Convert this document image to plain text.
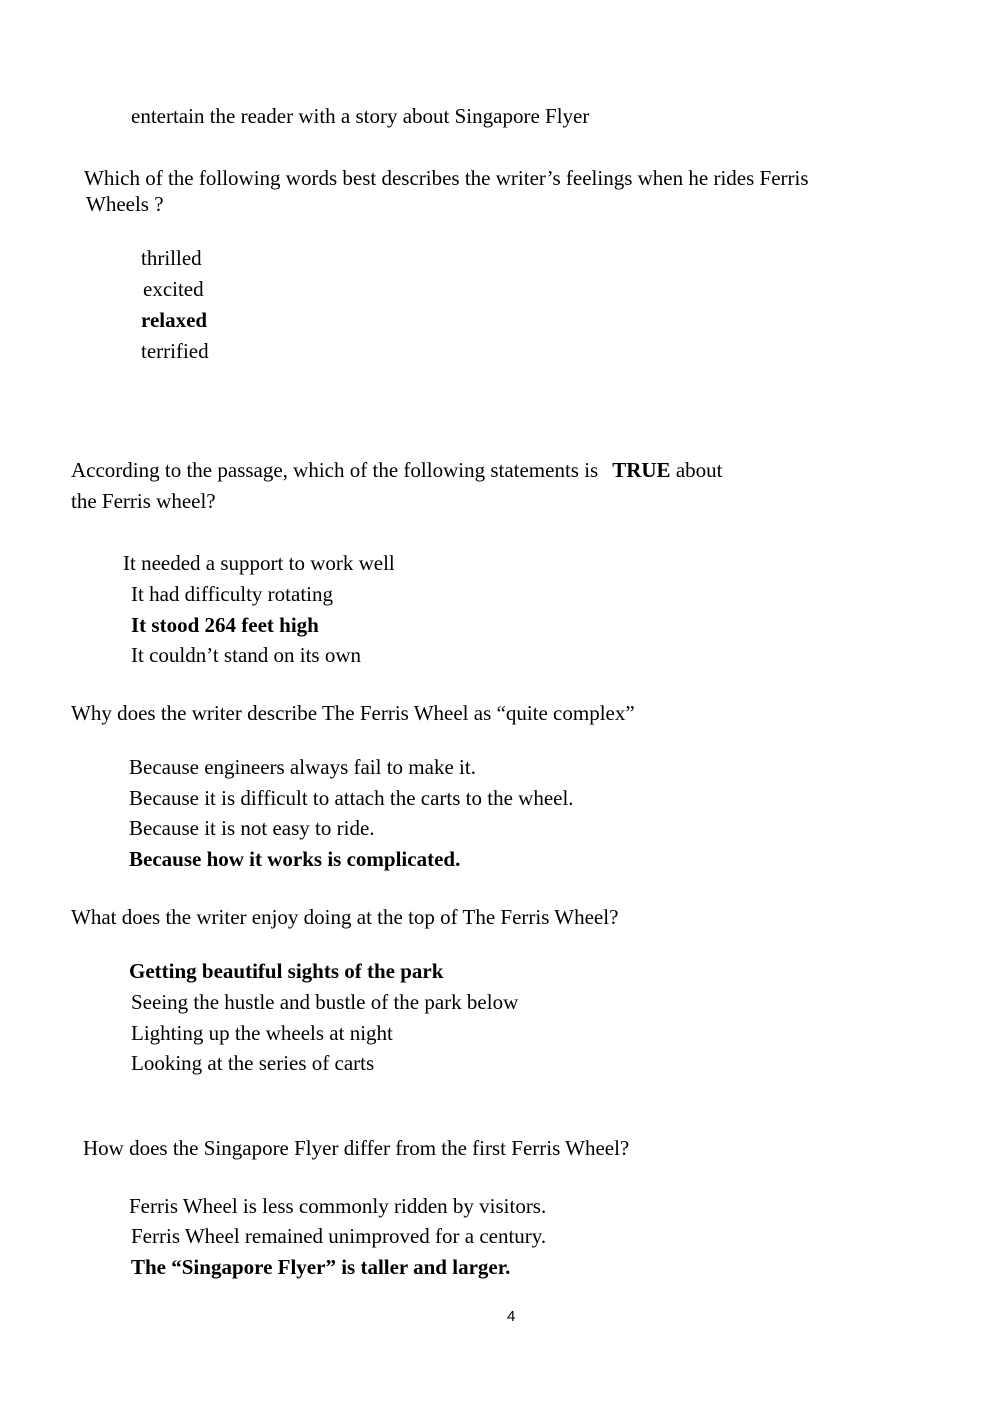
entertain the reader with a story about Singapore Flyer
Which of the following words best describes the writer’s feelings when he rides Ferris
Wheels ?
thrilled
excited
relaxed
terrified
According to the passage, which of the following statements is TRUE about
the Ferris wheel?
It needed a support to work well
It had difficulty rotating
It stood 264 feet high
It couldn’t stand on its own
Why does the writer describe The Ferris Wheel as “quite complex”
Because engineers always fail to make it.
Because it is difficult to attach the carts to the wheel.
Because it is not easy to ride.
Because how it works is complicated.
What does the writer enjoy doing at the top of The Ferris Wheel?
Getting beautiful sights of the park
Seeing the hustle and bustle of the park below
Lighting up the wheels at night
Looking at the series of carts
How does the Singapore Flyer differ from the first Ferris Wheel?
Ferris Wheel is less commonly ridden by visitors.
Ferris Wheel remained unimproved for a century.
The “Singapore Flyer” is taller and larger.
4
